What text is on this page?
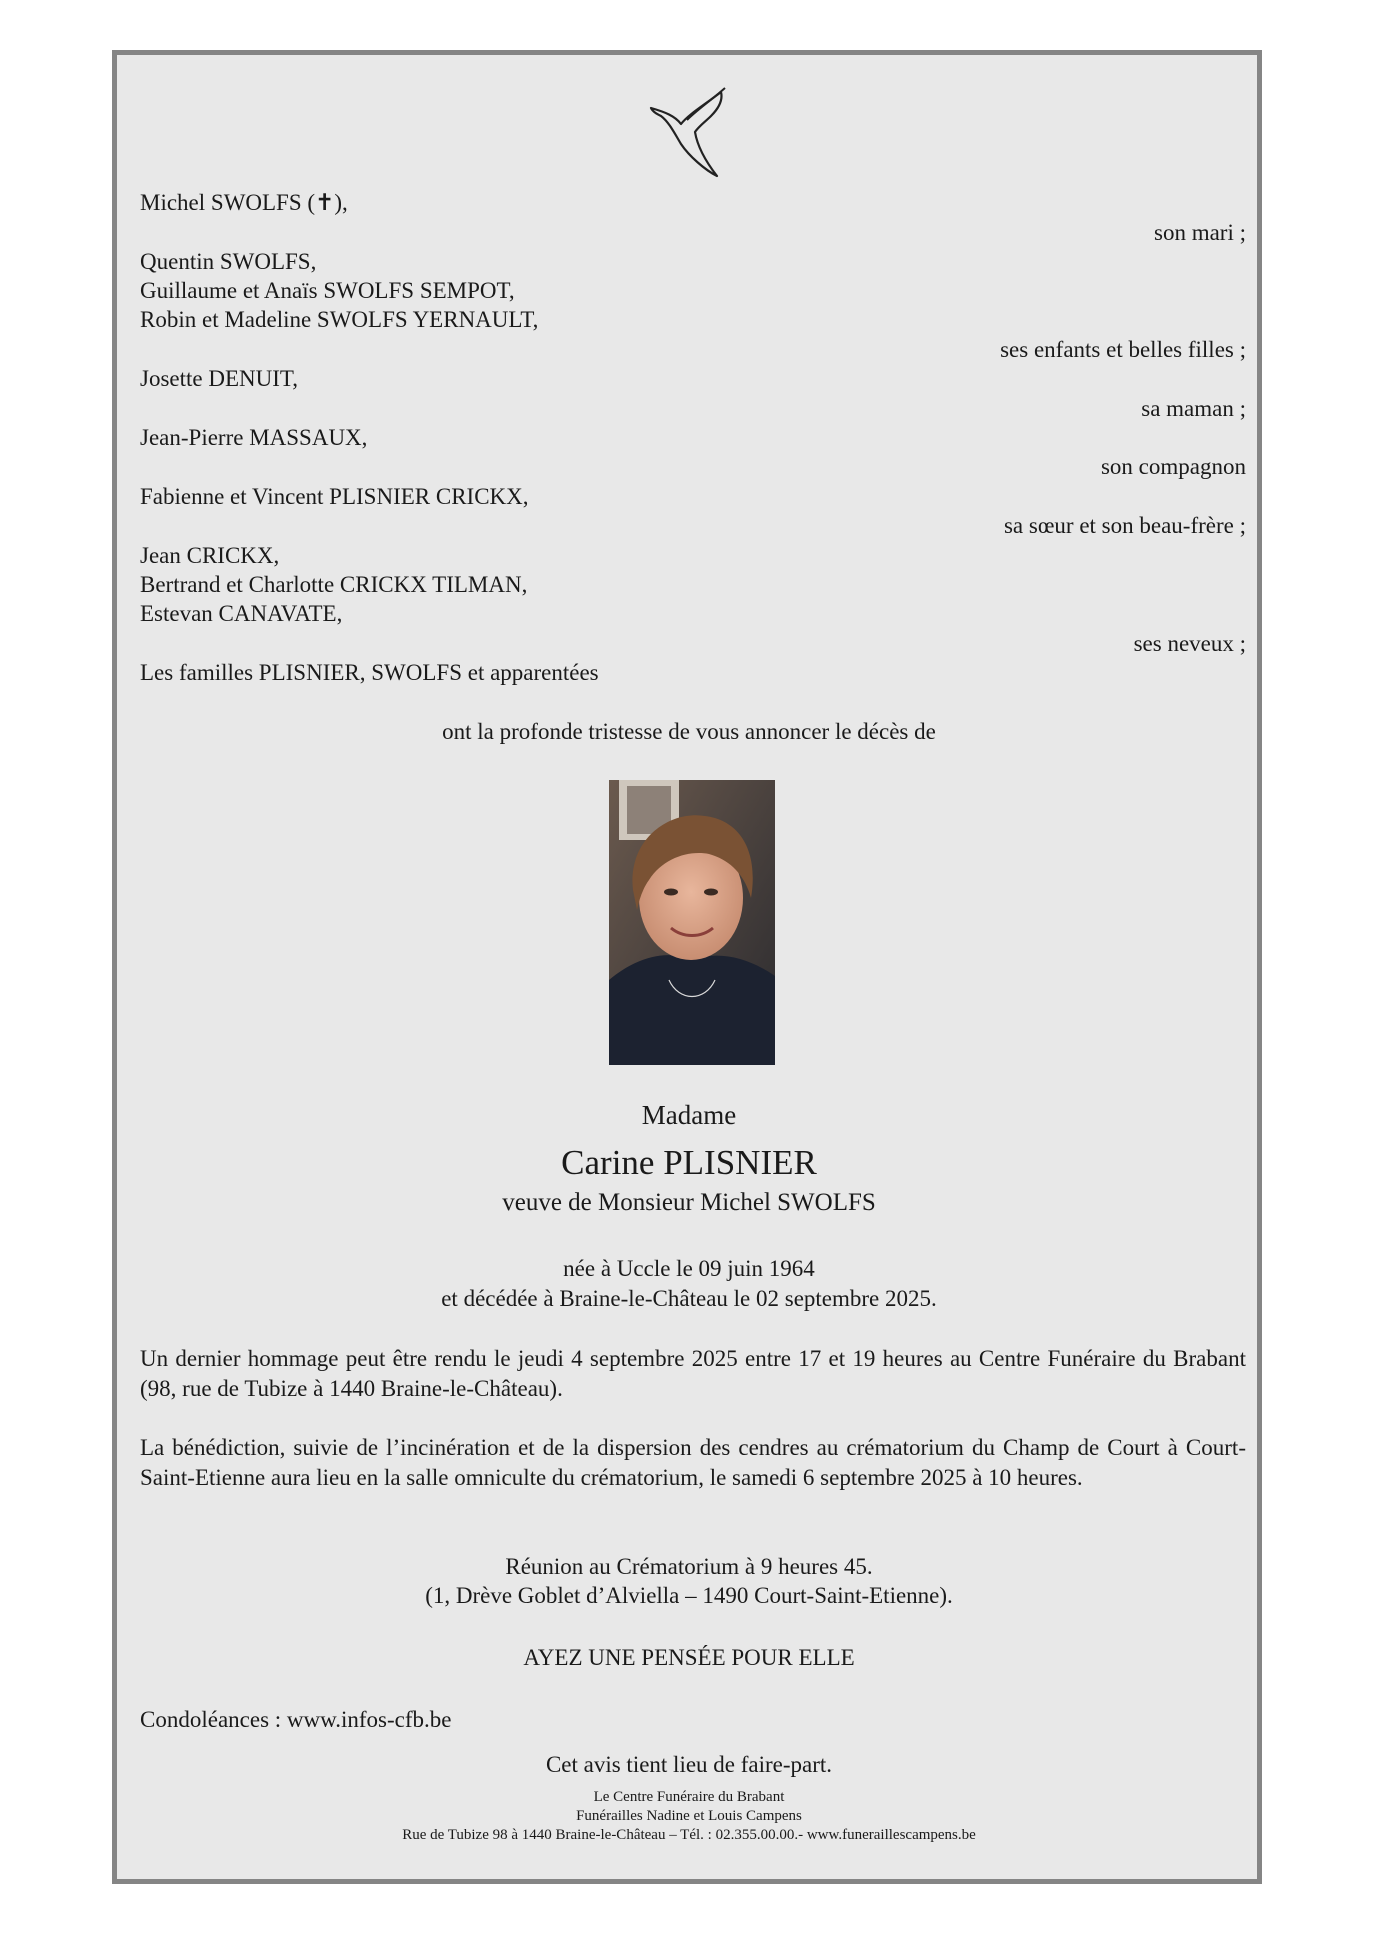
Michel SWOLFS (✝),
son mari ;
Quentin SWOLFS,
Guillaume et Anaïs SWOLFS SEMPOT,
Robin et Madeline SWOLFS YERNAULT,
ses enfants et belles filles ;
Josette DENUIT,
sa maman ;
Jean-Pierre MASSAUX,
son compagnon
Fabienne et Vincent PLISNIER CRICKX,
sa sœur et son beau-frère ;
Jean CRICKX,
Bertrand et Charlotte CRICKX TILMAN,
Estevan CANAVATE,
ses neveux ;
Les familles PLISNIER, SWOLFS et apparentées
ont la profonde tristesse de vous annoncer le décès de
Madame
Carine PLISNIER
veuve de Monsieur Michel SWOLFS
née à Uccle le 09 juin 1964
et décédée à Braine-le-Château le 02 septembre 2025.
Un dernier hommage peut être rendu le jeudi 4 septembre 2025 entre 17 et 19 heures au Centre Funéraire du Brabant (98, rue de Tubize à 1440 Braine-le-Château).
La bénédiction, suivie de l’incinération et de la dispersion des cendres au crématorium du Champ de Court à Court-Saint-Etienne aura lieu en la salle omniculte du crématorium, le samedi 6 septembre 2025 à 10 heures.
Réunion au Crématorium à 9 heures 45.
(1, Drève Goblet d’Alviella – 1490 Court-Saint-Etienne).
AYEZ UNE PENSÉE POUR ELLE
Condoléances : www.infos-cfb.be
Cet avis tient lieu de faire-part.
Le Centre Funéraire du Brabant
Funérailles Nadine et Louis Campens
Rue de Tubize 98 à 1440 Braine-le-Château – Tél. : 02.355.00.00.- www.funeraillescampens.be
